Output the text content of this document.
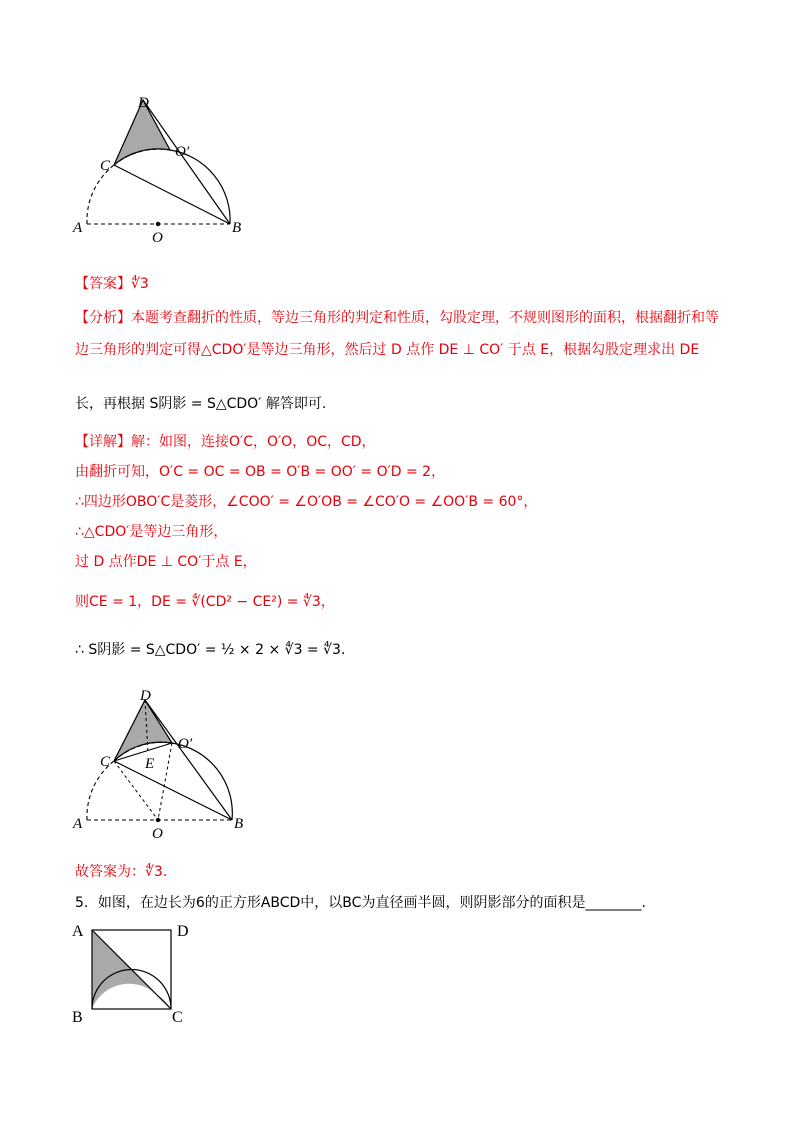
D
O′
C
A
O
B
【答案】∜3
【分析】本题考查翻折的性质，等边三角形的判定和性质，勾股定理，不规则图形的面积，根据翻折和等
边三角形的判定可得△CDO′是等边三角形，然后过 D 点作 DE ⊥ CO′ 于点 E，根据勾股定理求出 DE
长，再根据 S阴影 = S△CDO′ 解答即可.
【详解】解：如图，连接O′C，O′O，OC，CD，
由翻折可知，O′C = OC = OB = O′B = OO′ = O′D = 2，
∴四边形OBO′C是菱形，∠COO′ = ∠O′OB = ∠CO′O = ∠OO′B = 60°，
∴△CDO′是等边三角形，
过 D 点作DE ⊥ CO′于点 E，
则CE = 1，DE = ∜(CD² − CE²) = ∜3，
∴ S阴影 = S△CDO′ = ½ × 2 × ∜3 = ∜3.
D
O′
C E
A
O
B
故答案为：∜3.
5．如图，在边长为6的正方形ABCD中，以BC为直径画半圆，则阴影部分的面积是________.
A	D
B	C
